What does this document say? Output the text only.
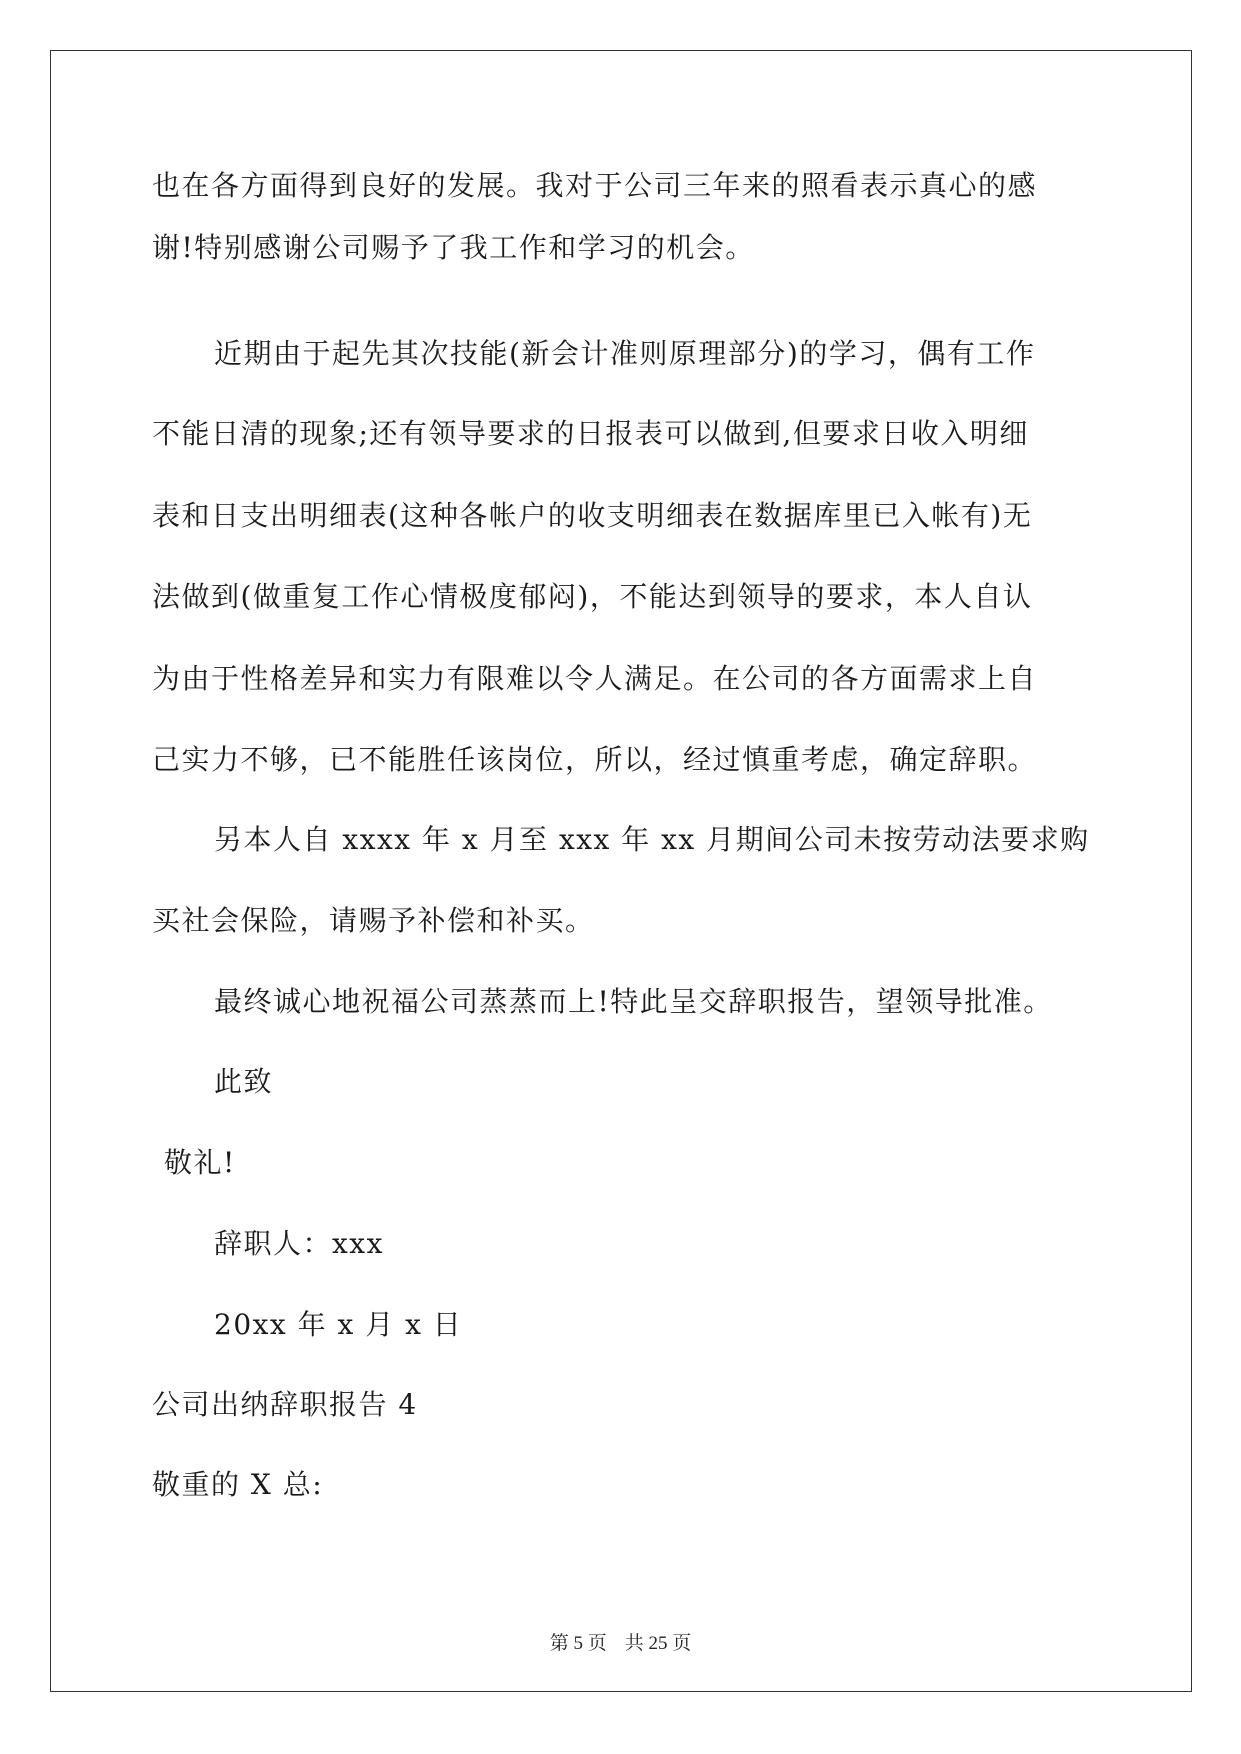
也在各方面得到良好的发展。我对于公司三年来的照看表示真心的感
谢!特别感谢公司赐予了我工作和学习的机会。
近期由于起先其次技能(新会计准则原理部分)的学习，偶有工作
不能日清的现象;还有领导要求的日报表可以做到,但要求日收入明细
表和日支出明细表(这种各帐户的收支明细表在数据库里已入帐有)无
法做到(做重复工作心情极度郁闷)，不能达到领导的要求，本人自认
为由于性格差异和实力有限难以令人满足。在公司的各方面需求上自
己实力不够，已不能胜任该岗位，所以，经过慎重考虑，确定辞职。
另本人自 xxxx 年 x 月至 xxx 年 xx 月期间公司未按劳动法要求购
买社会保险，请赐予补偿和补买。
最终诚心地祝福公司蒸蒸而上!特此呈交辞职报告，望领导批准。
此致
敬礼!
辞职人：xxx
20xx 年 x 月 x 日
公司出纳辞职报告 4
敬重的 X 总:
第 5 页 共 25 页
